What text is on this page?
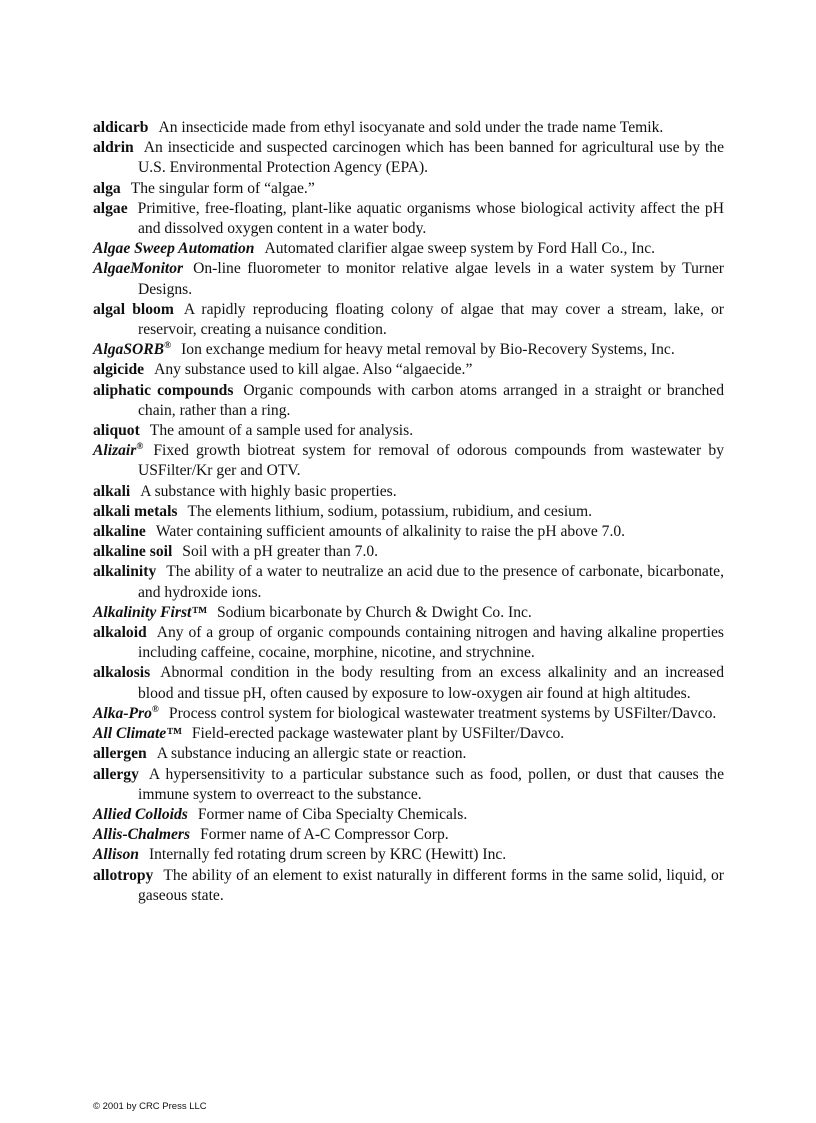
aldicarb An insecticide made from ethyl isocyanate and sold under the trade name Temik.

aldrin An insecticide and suspected carcinogen which has been banned for agricultural use by the U.S. Environmental Protection Agency (EPA).

alga The singular form of “algae.”

algae Primitive, free-floating, plant-like aquatic organisms whose biological activity affect the pH and dissolved oxygen content in a water body.

Algae Sweep Automation Automated clarifier algae sweep system by Ford Hall Co., Inc.

AlgaeMonitor On-line fluorometer to monitor relative algae levels in a water system by Turner Designs.

algal bloom A rapidly reproducing floating colony of algae that may cover a stream, lake, or reservoir, creating a nuisance condition.

AlgaSORB® Ion exchange medium for heavy metal removal by Bio-Recovery Systems, Inc.

algicide Any substance used to kill algae. Also “algaecide.”

aliphatic compounds Organic compounds with carbon atoms arranged in a straight or branched chain, rather than a ring.

aliquot The amount of a sample used for analysis.

Alizair® Fixed growth biotreat system for removal of odorous compounds from wastewater by USFilter/Kr ger and OTV.

alkali A substance with highly basic properties.

alkali metals The elements lithium, sodium, potassium, rubidium, and cesium.

alkaline Water containing sufficient amounts of alkalinity to raise the pH above 7.0.

alkaline soil Soil with a pH greater than 7.0.

alkalinity The ability of a water to neutralize an acid due to the presence of carbonate, bicarbonate, and hydroxide ions.

Alkalinity First™ Sodium bicarbonate by Church & Dwight Co. Inc.

alkaloid Any of a group of organic compounds containing nitrogen and having alkaline properties including caffeine, cocaine, morphine, nicotine, and strychnine.

alkalosis Abnormal condition in the body resulting from an excess alkalinity and an increased blood and tissue pH, often caused by exposure to low-oxygen air found at high altitudes.

Alka-Pro® Process control system for biological wastewater treatment systems by USFilter/Davco.

All Climate™ Field-erected package wastewater plant by USFilter/Davco.

allergen A substance inducing an allergic state or reaction.

allergy A hypersensitivity to a particular substance such as food, pollen, or dust that causes the immune system to overreact to the substance.

Allied Colloids Former name of Ciba Specialty Chemicals.

Allis-Chalmers Former name of A-C Compressor Corp.

Allison Internally fed rotating drum screen by KRC (Hewitt) Inc.

allotropy The ability of an element to exist naturally in different forms in the same solid, liquid, or gaseous state.

© 2001 by CRC Press LLC
